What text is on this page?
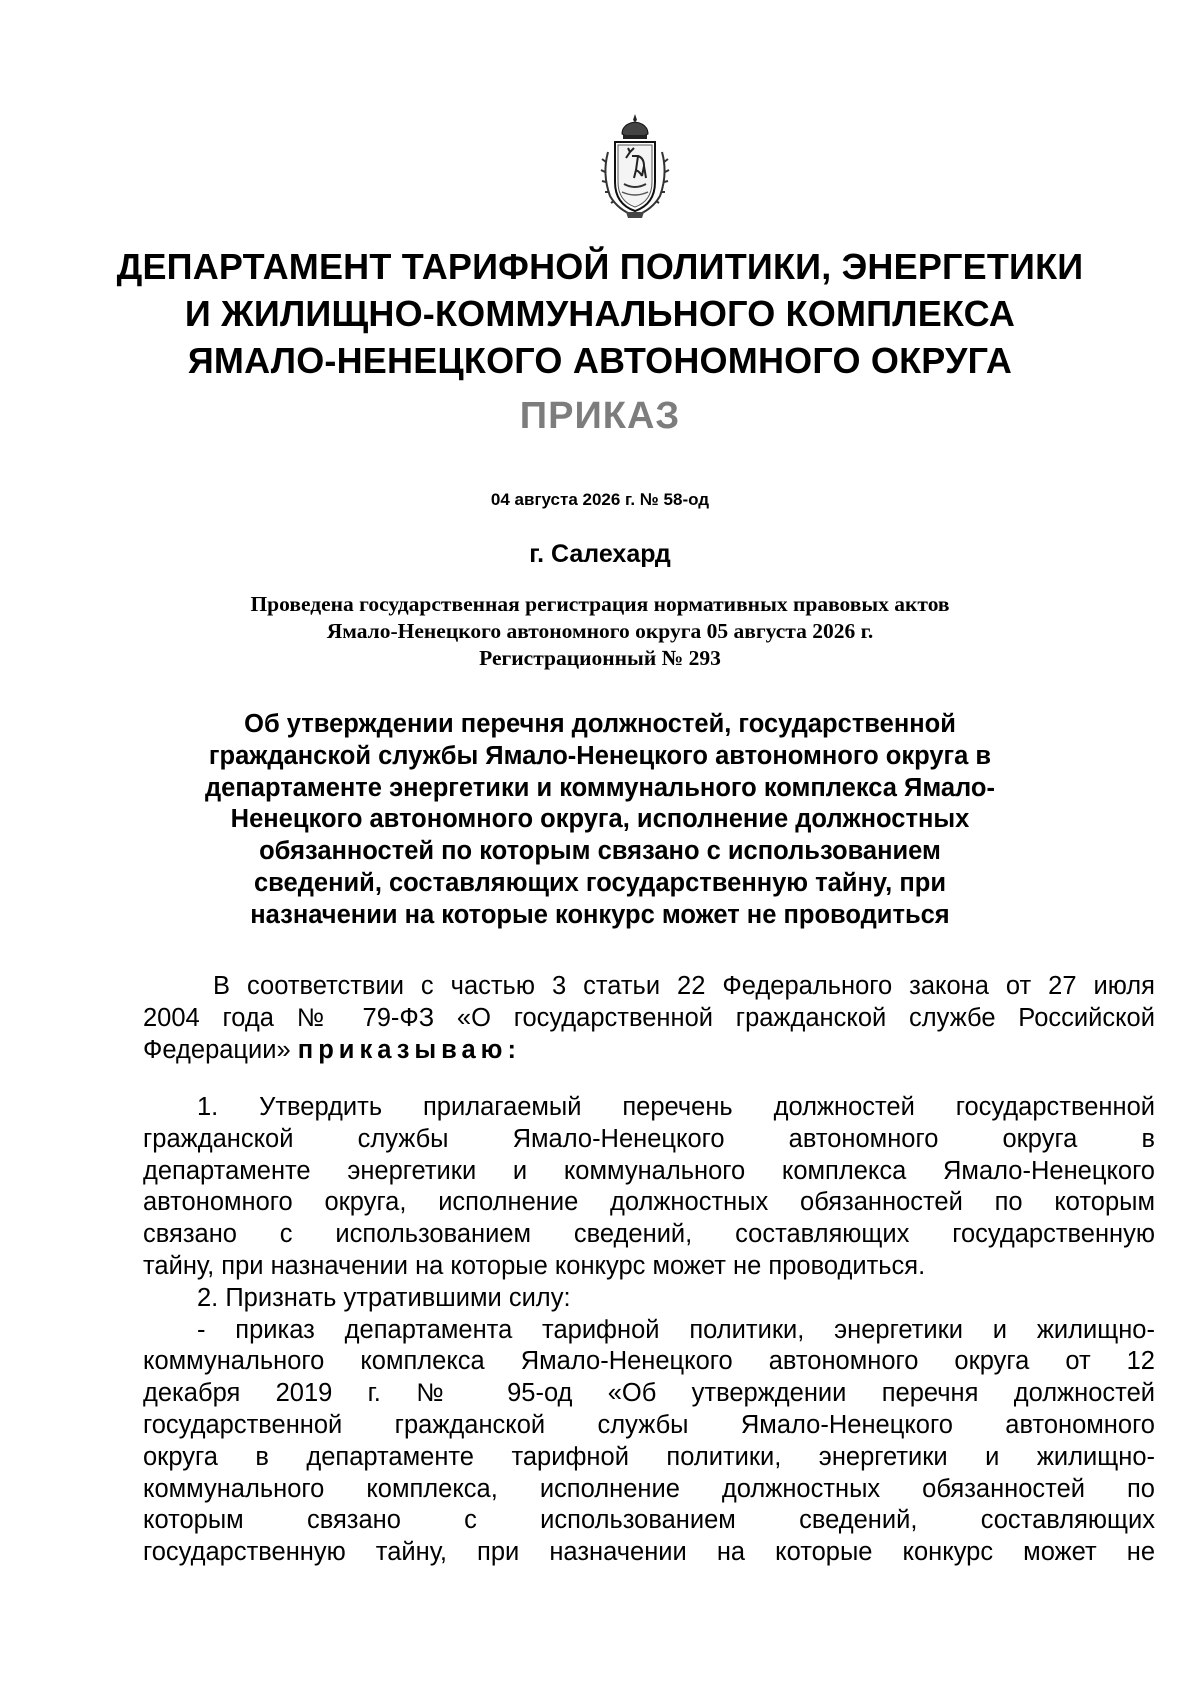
ДЕПАРТАМЕНТ ТАРИФНОЙ ПОЛИТИКИ, ЭНЕРГЕТИКИ
И ЖИЛИЩНО-КОММУНАЛЬНОГО КОМПЛЕКСА
ЯМАЛО-НЕНЕЦКОГО АВТОНОМНОГО ОКРУГА
ПРИКАЗ
04 августа 2026 г. № 58-од
г. Салехард
Проведена государственная регистрация нормативных правовых актов
Ямало-Ненецкого автономного округа 05 августа 2026 г.
Регистрационный № 293
Об утверждении перечня должностей, государственной
гражданской службы Ямало-Ненецкого автономного округа в
департаменте энергетики и коммунального комплекса Ямало-
Ненецкого автономного округа, исполнение должностных
обязанностей по которым связано с использованием
сведений, составляющих государственную тайну, при
назначении на которые конкурс может не проводиться
В соответствии с частью 3 статьи 22 Федерального закона от 27 июля
2004 года № 79-ФЗ «О государственной гражданской службе Российской
Федерации» приказываю:
1. Утвердить прилагаемый перечень должностей государственной
гражданской службы Ямало-Ненецкого автономного округа в
департаменте энергетики и коммунального комплекса Ямало-Ненецкого
автономного округа, исполнение должностных обязанностей по которым
связано с использованием сведений, составляющих государственную
тайну, при назначении на которые конкурс может не проводиться.
2. Признать утратившими силу:
- приказ департамента тарифной политики, энергетики и жилищно-
коммунального комплекса Ямало-Ненецкого автономного округа от 12
декабря 2019 г. № 95-од «Об утверждении перечня должностей
государственной гражданской службы Ямало-Ненецкого автономного
округа в департаменте тарифной политики, энергетики и жилищно-
коммунального комплекса, исполнение должностных обязанностей по
которым связано с использованием сведений, составляющих
государственную тайну, при назначении на которые конкурс может не
